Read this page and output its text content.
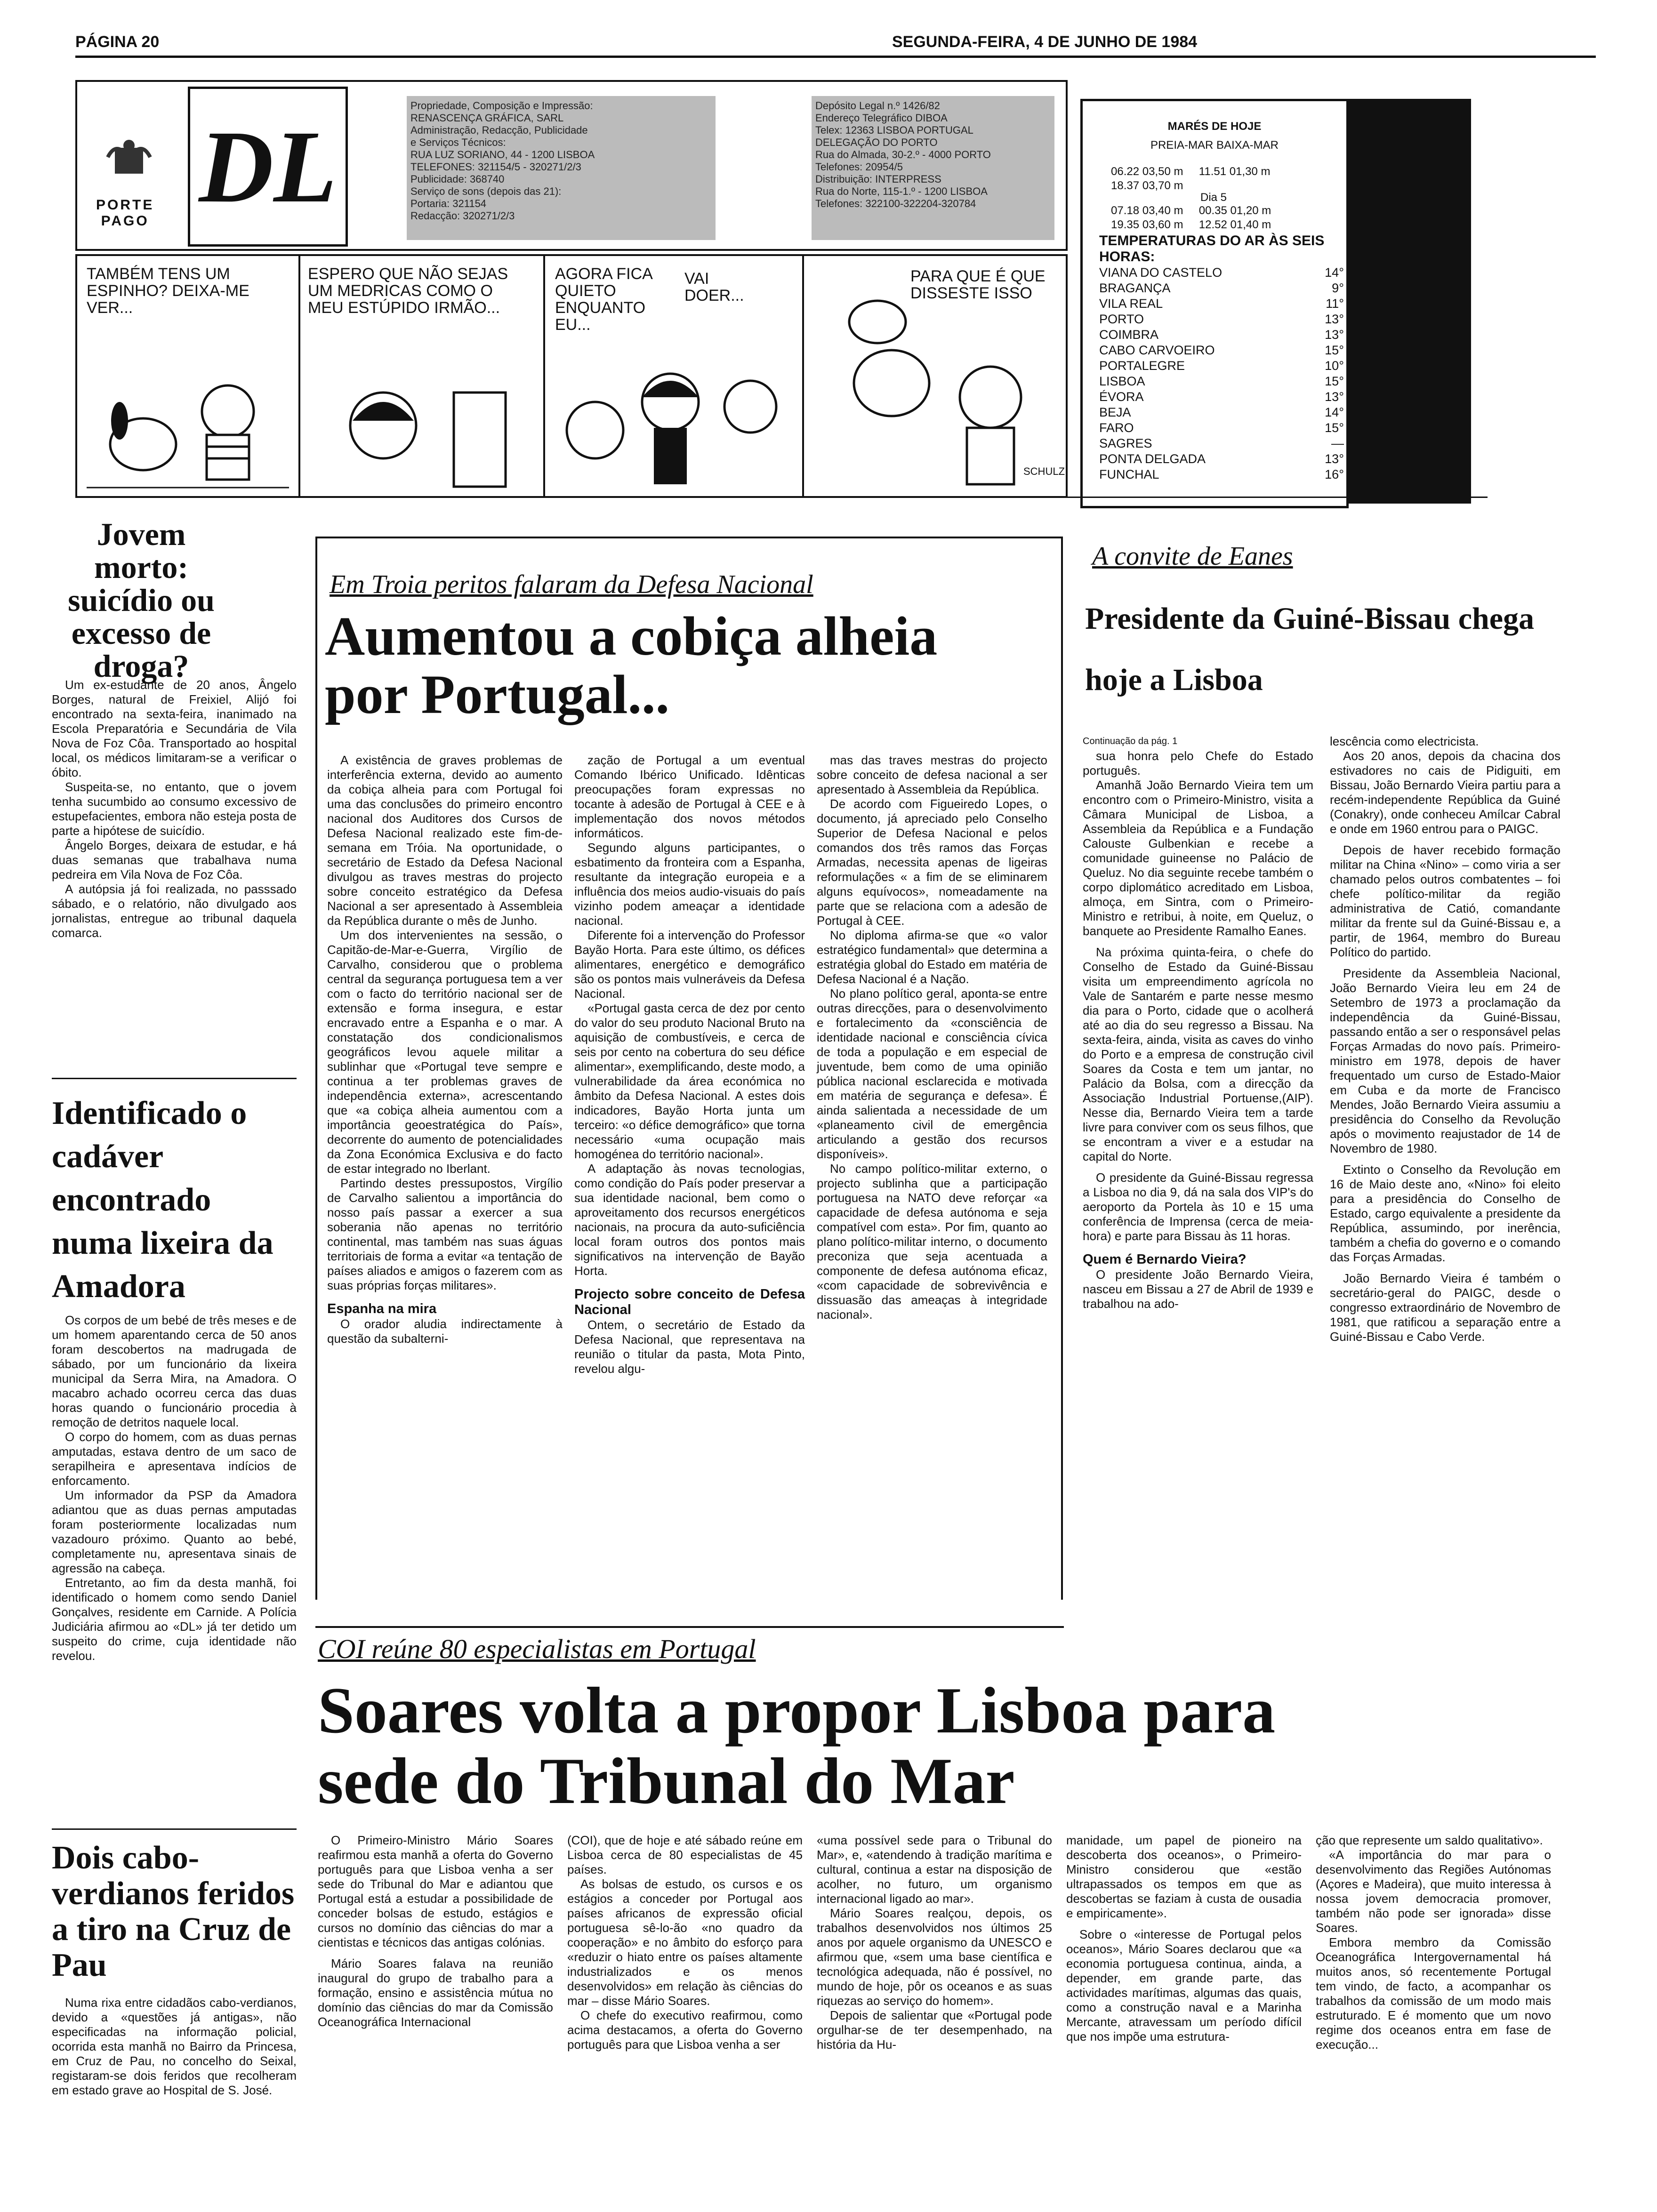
PÁGINA 20	SEGUNDA-FEIRA, 4 DE JUNHO DE 1984
PORTE
PAGO DL
Propriedade, Composição e Impressão:
RENASCENÇA GRÁFICA, SARL
Administração, Redacção, Publicidade
e Serviços Técnicos:
RUA LUZ SORIANO, 44 - 1200 LISBOA
TELEFONES: 321154/5 - 320271/2/3
Publicidade: 368740
Serviço de sons (depois das 21):
Portaria: 321154
Redacção: 320271/2/3
Depósito Legal n.º 1426/82
Endereço Telegráfico DIBOA
Telex: 12363 LISBOA PORTUGAL
DELEGAÇÃO DO PORTO
Rua do Almada, 30-2.º - 4000 PORTO
Telefones: 20954/5
Distribuição: INTERPRESS
Rua do Norte, 115-1.º - 1200 LISBOA
Telefones: 322100-322204-320784
MARÉS DE HOJE
PREIA-MAR BAIXA-MAR
06.22 03,50 m     11.51 01,30 m
18.37 03,70 m
Dia 5
07.18 03,40 m     00.35 01,20 m
19.35 03,60 m     12.52 01,40 m
TEMPERATURAS DO AR ÀS SEIS HORAS:
VIANA DO CASTELO	14°
BRAGANÇA	9°
VILA REAL	11°
PORTO	13°
COIMBRA	13°
CABO CARVOEIRO	15°
PORTALEGRE	10°
LISBOA	15°
ÉVORA	13°
BEJA	14°
FARO	15°
SAGRES	—
PONTA DELGADA	13°
FUNCHAL	16°
TAMBÉM TENS UM ESPINHO? DEIXA-ME VER...
ESPERO QUE NÃO SEJAS UM MEDRICAS COMO O MEU ESTÚPIDO IRMÃO...
AGORA FICA QUIETO ENQUANTO EU...
VAI DOER...
PARA QUE É QUE DISSESTE ISSO
SCHULZ
Jovem morto: suicídio ou excesso de droga?

Um ex-estudante de 20 anos, Ângelo Borges, natural de Freixiel, Alijó foi encontrado na sexta-feira, inanimado na Escola Preparatória e Secundária de Vila Nova de Foz Côa. Transportado ao hospital local, os médicos limitaram-se a verificar o óbito.

Suspeita-se, no entanto, que o jovem tenha sucumbido ao consumo excessivo de estupefacientes, embora não esteja posta de parte a hipótese de suicídio.

Ângelo Borges, deixara de estudar, e há duas semanas que trabalhava numa pedreira em Vila Nova de Foz Côa.

A autópsia já foi realizada, no passsado sábado, e o relatório, não divulgado aos jornalistas, entregue ao tribunal daquela comarca.

Identificado o cadáver encontrado numa lixeira da Amadora

Os corpos de um bebé de três meses e de um homem aparentando cerca de 50 anos foram descobertos na madrugada de sábado, por um funcionário da lixeira municipal da Serra Mira, na Amadora. O macabro achado ocorreu cerca das duas horas quando o funcionário procedia à remoção de detritos naquele local.

O corpo do homem, com as duas pernas amputadas, estava dentro de um saco de serapilheira e apresentava indícios de enforcamento.

Um informador da PSP da Amadora adiantou que as duas pernas amputadas foram posteriormente localizadas num vazadouro próximo. Quanto ao bebé, completamente nu, apresentava sinais de agressão na cabeça.

Entretanto, ao fim da desta manhã, foi identificado o homem como sendo Daniel Gonçalves, residente em Carnide. A Polícia Judiciária afirmou ao «DL» já ter detido um suspeito do crime, cuja identidade não revelou.

Dois cabo-verdianos feridos a tiro na Cruz de Pau

Numa rixa entre cidadãos cabo-verdianos, devido a «questões já antigas», não especificadas na informação policial, ocorrida esta manhã no Bairro da Princesa, em Cruz de Pau, no concelho do Seixal, registaram-se dois feridos que recolheram em estado grave ao Hospital de S. José.

Em Troia peritos falaram da Defesa Nacional
Aumentou a cobiça alheia por Portugal...

A existência de graves problemas de interferência externa, devido ao aumento da cobiça alheia para com Portugal foi uma das conclusões do primeiro encontro nacional dos Auditores dos Cursos de Defesa Nacional realizado este fim-de-semana em Tróia. Na oportunidade, o secretário de Estado da Defesa Nacional divulgou as traves mestras do projecto sobre conceito estratégico da Defesa Nacional a ser apresentado à Assembleia da República durante o mês de Junho.

Um dos intervenientes na sessão, o Capitão-de-Mar-e-Guerra, Virgílio de Carvalho, considerou que o problema central da segurança portuguesa tem a ver com o facto do território nacional ser de extensão e forma insegura, e estar encravado entre a Espanha e o mar. A constatação dos condicionalismos geográficos levou aquele militar a sublinhar que «Portugal teve sempre e continua a ter problemas graves de independência externa», acrescentando que «a cobiça alheia aumentou com a importância geoestratégica do País», decorrente do aumento de potencialidades da Zona Económica Exclusiva e do facto de estar integrado no Iberlant.

Partindo destes pressupostos, Virgílio de Carvalho salientou a importância do nosso país passar a exercer a sua soberania não apenas no território continental, mas também nas suas águas territoriais de forma a evitar «a tentação de países aliados e amigos o fazerem com as suas próprias forças militares».

Espanha na mira

O orador aludia indirectamente à questão da subalterni-

zação de Portugal a um eventual Comando Ibérico Unificado. Idênticas preocupações foram expressas no tocante à adesão de Portugal à CEE e à implementação dos novos métodos informáticos.

Segundo alguns participantes, o esbatimento da fronteira com a Espanha, resultante da integração europeia e a influência dos meios audio-visuais do país vizinho podem ameaçar a identidade nacional.

Diferente foi a intervenção do Professor Bayão Horta. Para este último, os défices alimentares, energético e demográfico são os pontos mais vulneráveis da Defesa Nacional.

«Portugal gasta cerca de dez por cento do valor do seu produto Nacional Bruto na aquisição de combustíveis, e cerca de seis por cento na cobertura do seu défice alimentar», exemplificando, deste modo, a vulnerabilidade da área económica no âmbito da Defesa Nacional. A estes dois indicadores, Bayão Horta junta um terceiro: «o défice demográfico» que torna necessário «uma ocupação mais homogénea do território nacional».

A adaptação às novas tecnologias, como condição do País poder preservar a sua identidade nacional, bem como o aproveitamento dos recursos energéticos nacionais, na procura da auto-suficiência local foram outros dos pontos mais significativos na intervenção de Bayão Horta.

Projecto sobre conceito de Defesa Nacional

Ontem, o secretário de Estado da Defesa Nacional, que representava na reunião o titular da pasta, Mota Pinto, revelou algu-

mas das traves mestras do projecto sobre conceito de defesa nacional a ser apresentado à Assembleia da República.

De acordo com Figueiredo Lopes, o documento, já apreciado pelo Conselho Superior de Defesa Nacional e pelos comandos dos três ramos das Forças Armadas, necessita apenas de ligeiras reformulações « a fim de se eliminarem alguns equívocos», nomeadamente na parte que se relaciona com a adesão de Portugal à CEE.

No diploma afirma-se que «o valor estratégico fundamental» que determina a estratégia global do Estado em matéria de Defesa Nacional é a Nação.

No plano político geral, aponta-se entre outras direcções, para o desenvolvimento e fortalecimento da «consciência de identidade nacional e consciência cívica de toda a população e em especial de juventude, bem como de uma opinião pública nacional esclarecida e motivada em matéria de segurança e defesa». É ainda salientada a necessidade de um «planeamento civil de emergência articulando a gestão dos recursos disponíveis».

No campo político-militar externo, o projecto sublinha que a participação portuguesa na NATO deve reforçar «a capacidade de defesa autónoma e seja compatível com esta». Por fim, quanto ao plano político-militar interno, o documento preconiza que seja acentuada a componente de defesa autónoma eficaz, «com capacidade de sobrevivência e dissuasão das ameaças à integridade nacional».

A convite de Eanes
Presidente da Guiné-Bissau chega hoje a Lisboa

Continuação da pág. 1

sua honra pelo Chefe do Estado português.

Amanhã João Bernardo Vieira tem um encontro com o Primeiro-Ministro, visita a Câmara Municipal de Lisboa, a Assembleia da República e a Fundação Calouste Gulbenkian e recebe a comunidade guineense no Palácio de Queluz. No dia seguinte recebe também o corpo diplomático acreditado em Lisboa, almoça, em Sintra, com o Primeiro-Ministro e retribui, à noite, em Queluz, o banquete ao Presidente Ramalho Eanes.

Na próxima quinta-feira, o chefe do Conselho de Estado da Guiné-Bissau visita um empreendimento agrícola no Vale de Santarém e parte nesse mesmo dia para o Porto, cidade que o acolherá até ao dia do seu regresso a Bissau. Na sexta-feira, ainda, visita as caves do vinho do Porto e a empresa de construção civil Soares da Costa e tem um jantar, no Palácio da Bolsa, com a direcção da Associação Industrial Portuense,(AIP). Nesse dia, Bernardo Vieira tem a tarde livre para conviver com os seus filhos, que se encontram a viver e a estudar na capital do Norte.

O presidente da Guiné-Bissau regressa a Lisboa no dia 9, dá na sala dos VIP's do aeroporto da Portela às 10 e 15 uma conferência de Imprensa (cerca de meia-hora) e parte para Bissau às 11 horas.

Quem é Bernardo Vieira?

O presidente João Bernardo Vieira, nasceu em Bissau a 27 de Abril de 1939 e trabalhou na ado-

lescência como electricista.

Aos 20 anos, depois da chacina dos estivadores no cais de Pidiguiti, em Bissau, João Bernardo Vieira partiu para a recém-independente República da Guiné (Conakry), onde conheceu Amílcar Cabral e onde em 1960 entrou para o PAIGC.

Depois de haver recebido formação militar na China «Nino» – como viria a ser chamado pelos outros combatentes – foi chefe político-militar da região administrativa de Catió, comandante militar da frente sul da Guiné-Bissau e, a partir, de 1964, membro do Bureau Político do partido.

Presidente da Assembleia Nacional, João Bernardo Vieira leu em 24 de Setembro de 1973 a proclamação da independência da Guiné-Bissau, passando então a ser o responsável pelas Forças Armadas do novo país. Primeiro-ministro em 1978, depois de haver frequentado um curso de Estado-Maior em Cuba e da morte de Francisco Mendes, João Bernardo Vieira assumiu a presidência do Conselho da Revolução após o movimento reajustador de 14 de Novembro de 1980.

Extinto o Conselho da Revolução em 16 de Maio deste ano, «Nino» foi eleito para a presidência do Conselho de Estado, cargo equivalente a presidente da República, assumindo, por inerência, também a chefia do governo e o comando das Forças Armadas.

João Bernardo Vieira é também o secretário-geral do PAIGC, desde o congresso extraordinário de Novembro de 1981, que ratificou a separação entre a Guiné-Bissau e Cabo Verde.

COI reúne 80 especialistas em Portugal
Soares volta a propor Lisboa para sede do Tribunal do Mar

O Primeiro-Ministro Mário Soares reafirmou esta manhã a oferta do Governo português para que Lisboa venha a ser sede do Tribunal do Mar e adiantou que Portugal está a estudar a possibilidade de conceder bolsas de estudo, estágios e cursos no domínio das ciências do mar a cientistas e técnicos das antigas colónias.

Mário Soares falava na reunião inaugural do grupo de trabalho para a formação, ensino e assistência mútua no domínio das ciências do mar da Comissão Oceanográfica Internacional

(COI), que de hoje e até sábado reúne em Lisboa cerca de 80 especialistas de 45 países.

As bolsas de estudo, os cursos e os estágios a conceder por Portugal aos países africanos de expressão oficial portuguesa sê-lo-ão «no quadro da cooperação» e no âmbito do esforço para «reduzir o hiato entre os países altamente industrializados e os menos desenvolvidos» em relação às ciências do mar – disse Mário Soares.

O chefe do executivo reafirmou, como acima destacamos, a oferta do Governo português para que Lisboa venha a ser

«uma possível sede para o Tribunal do Mar», e, «atendendo à tradição marítima e cultural, continua a estar na disposição de acolher, no futuro, um organismo internacional ligado ao mar».

Mário Soares realçou, depois, os trabalhos desenvolvidos nos últimos 25 anos por aquele organismo da UNESCO e afirmou que, «sem uma base científica e tecnológica adequada, não é possível, no mundo de hoje, pôr os oceanos e as suas riquezas ao serviço do homem».

Depois de salientar que «Portugal pode orgulhar-se de ter desempenhado, na história da Hu-

manidade, um papel de pioneiro na descoberta dos oceanos», o Primeiro-Ministro considerou que «estão ultrapassados os tempos em que as descobertas se faziam à custa de ousadia e empiricamente».

Sobre o «interesse de Portugal pelos oceanos», Mário Soares declarou que «a economia portuguesa continua, ainda, a depender, em grande parte, das actividades marítimas, algumas das quais, como a construção naval e a Marinha Mercante, atravessam um período difícil que nos impõe uma estrutura-

ção que represente um saldo qualitativo».

«A importância do mar para o desenvolvimento das Regiões Autónomas (Açores e Madeira), que muito interessa à nossa jovem democracia promover, também não pode ser ignorada» disse Soares.

Embora membro da Comissão Oceanográfica Intergovernamental há muitos anos, só recentemente Portugal tem vindo, de facto, a acompanhar os trabalhos da comissão de um modo mais estruturado. E é momento que um novo regime dos oceanos entra em fase de execução...
